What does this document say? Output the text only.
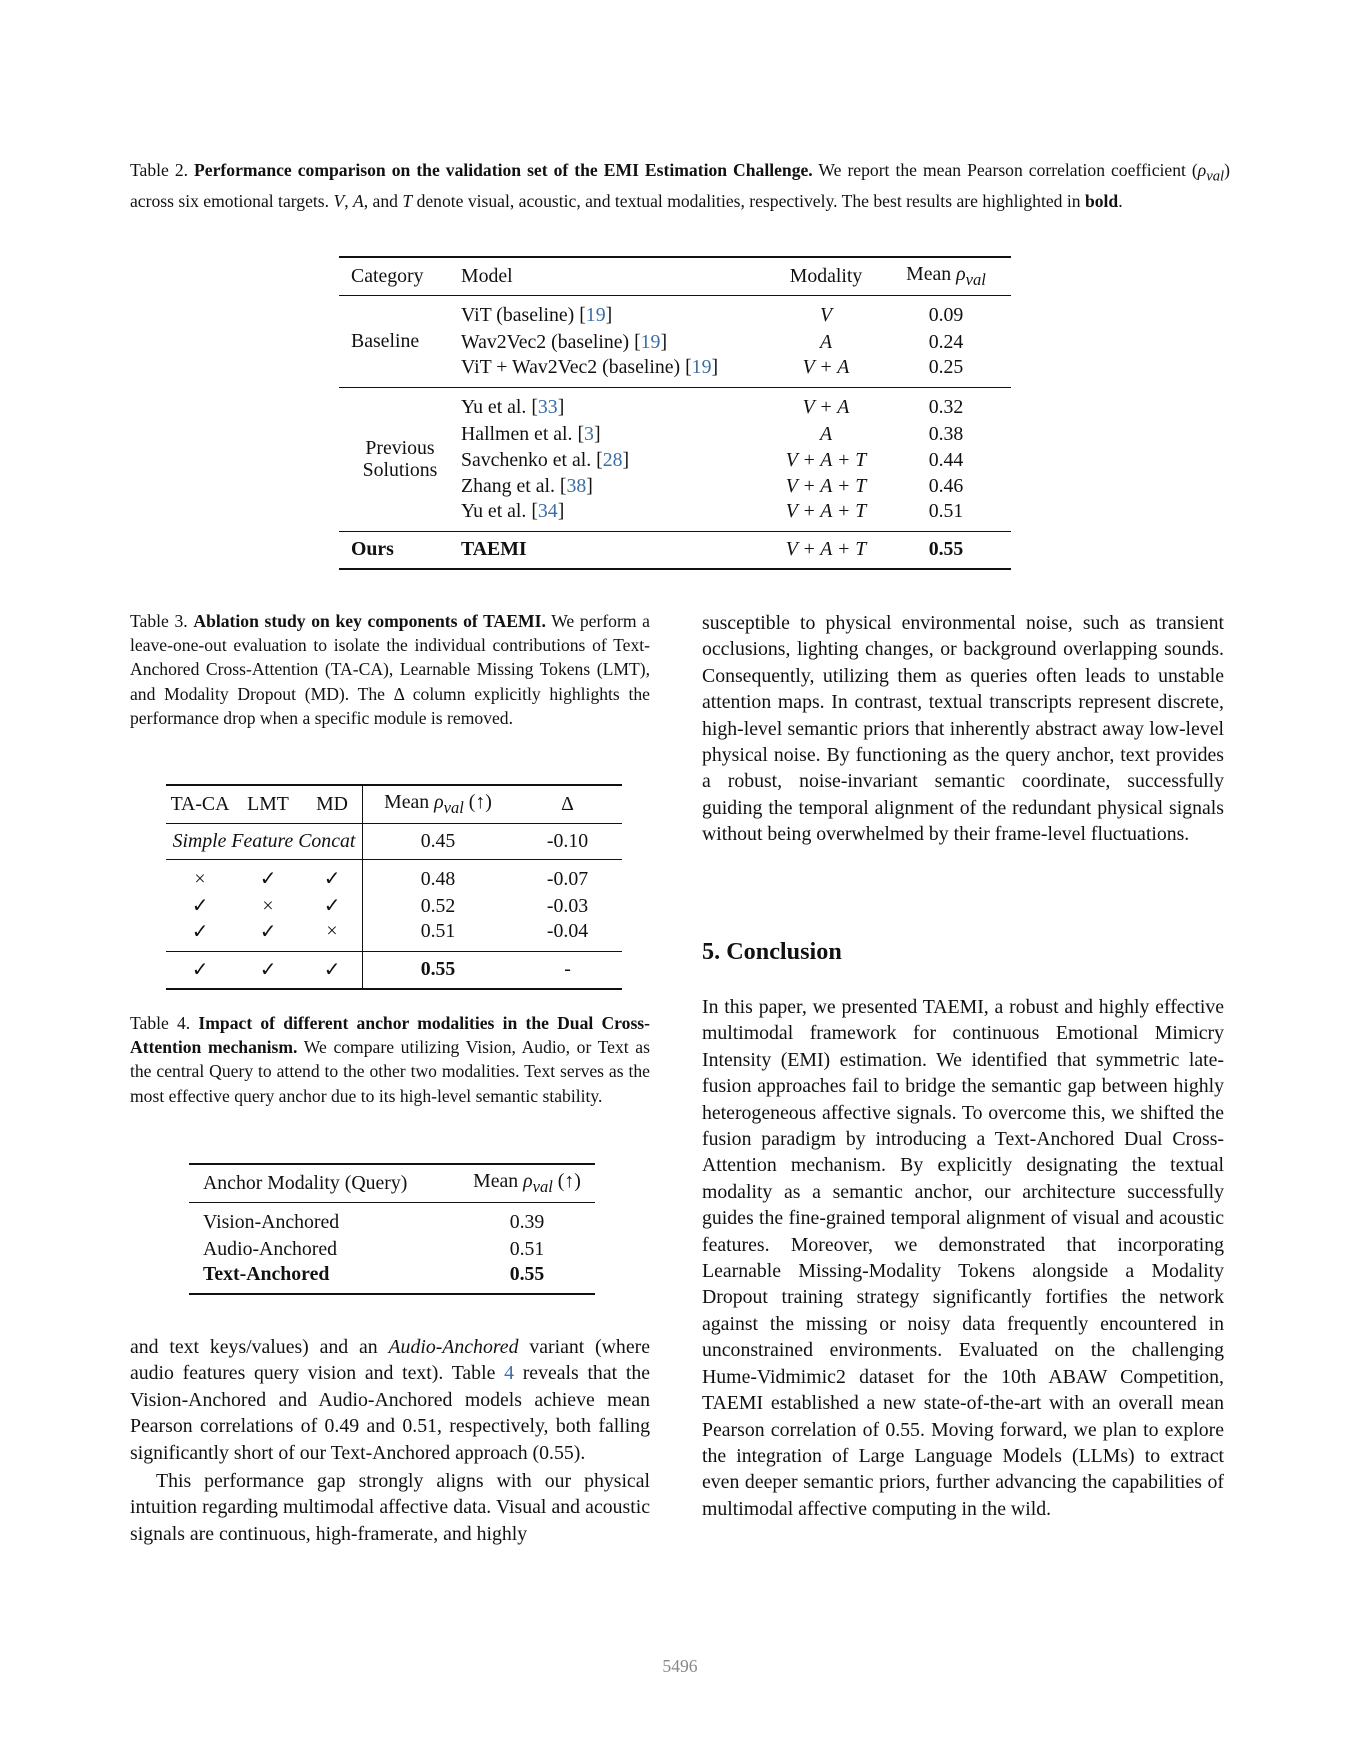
Table 2. Performance comparison on the validation set of the EMI Estimation Challenge. We report the mean Pearson correlation coefficient $(\rho_{val})$ across six emotional targets. V, A, and T denote visual, acoustic, and textual modalities, respectively. The best results are highlighted in bold.
Category	Model	Modality	Mean $\rho_{val}$
Baseline	ViT (baseline) [19]	V	0.09
	Wav2Vec2 (baseline) [19]	A	0.24
	ViT + Wav2Vec2 (baseline) [19]	V + A	0.25
Previous
Solutions	Yu et al. [33]	V + A	0.32
	Hallmen et al. [3]	A	0.38
	Savchenko et al. [28]	V + A + T	0.44
	Zhang et al. [38]	V + A + T	0.46
	Yu et al. [34]	V + A + T	0.51
Ours	TAEMI	V + A + T	0.55
Table 3. Ablation study on key components of TAEMI. We perform a leave-one-out evaluation to isolate the individual contributions of Text-Anchored Cross-Attention (TA-CA), Learnable Missing Tokens (LMT), and Modality Dropout (MD). The Δ column explicitly highlights the performance drop when a specific module is removed.
TA-CA	LMT	MD	Mean $\rho_{val}$ (↑)	Δ
Simple Feature Concat			0.45	-0.10
×	✓	✓	0.48	-0.07
✓	×	✓	0.52	-0.03
✓	✓	×	0.51	-0.04
✓	✓	✓	0.55	-
Table 4. Impact of different anchor modalities in the Dual Cross-Attention mechanism. We compare utilizing Vision, Audio, or Text as the central Query to attend to the other two modalities. Text serves as the most effective query anchor due to its high-level semantic stability.
Anchor Modality (Query)	Mean $\rho_{val}$ (↑)
Vision-Anchored	0.39
Audio-Anchored	0.51
Text-Anchored	0.55

and text keys/values) and an Audio-Anchored variant (where audio features query vision and text). Table 4 reveals that the Vision-Anchored and Audio-Anchored models achieve mean Pearson correlations of 0.49 and 0.51, respectively, both falling significantly short of our Text-Anchored approach (0.55).

This performance gap strongly aligns with our physical intuition regarding multimodal affective data. Visual and acoustic signals are continuous, high-framerate, and highly

susceptible to physical environmental noise, such as transient occlusions, lighting changes, or background overlapping sounds. Consequently, utilizing them as queries often leads to unstable attention maps. In contrast, textual transcripts represent discrete, high-level semantic priors that inherently abstract away low-level physical noise. By functioning as the query anchor, text provides a robust, noise-invariant semantic coordinate, successfully guiding the temporal alignment of the redundant physical signals without being overwhelmed by their frame-level fluctuations.

5. Conclusion

In this paper, we presented TAEMI, a robust and highly effective multimodal framework for continuous Emotional Mimicry Intensity (EMI) estimation. We identified that symmetric late-fusion approaches fail to bridge the semantic gap between highly heterogeneous affective signals. To overcome this, we shifted the fusion paradigm by introducing a Text-Anchored Dual Cross-Attention mechanism. By explicitly designating the textual modality as a semantic anchor, our architecture successfully guides the fine-grained temporal alignment of visual and acoustic features. Moreover, we demonstrated that incorporating Learnable Missing-Modality Tokens alongside a Modality Dropout training strategy significantly fortifies the network against the missing or noisy data frequently encountered in unconstrained environments. Evaluated on the challenging Hume-Vidmimic2 dataset for the 10th ABAW Competition, TAEMI established a new state-of-the-art with an overall mean Pearson correlation of 0.55. Moving forward, we plan to explore the integration of Large Language Models (LLMs) to extract even deeper semantic priors, further advancing the capabilities of multimodal affective computing in the wild.

5496
